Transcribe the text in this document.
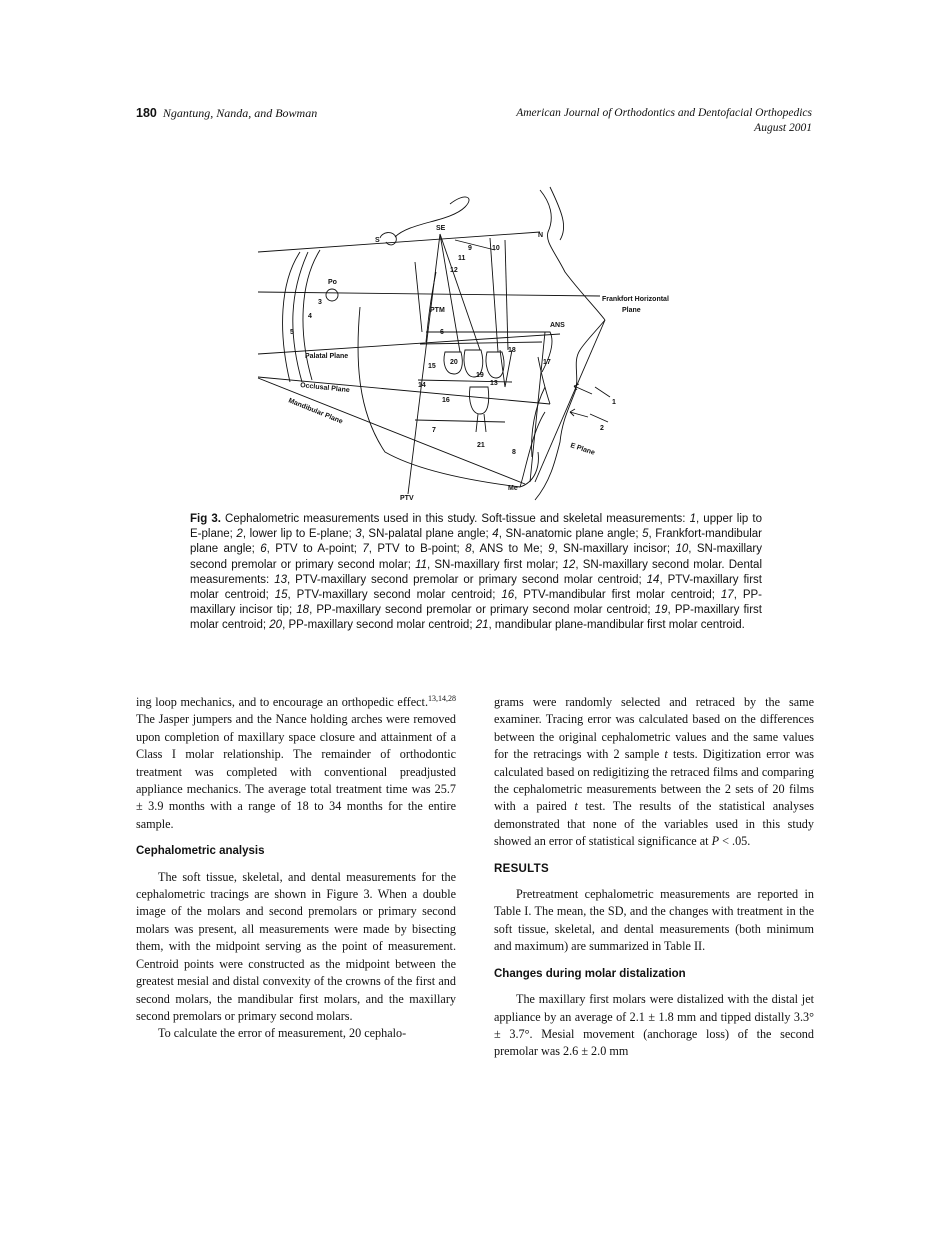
180 Ngantung, Nanda, and Bowman	American Journal of Orthodontics and Dentofacial Orthopedics
August 2001
S
SE
N
Po
PTM
ANS
Frankfort Horizontal
Plane
Palatal Plane
Occlusal Plane
Mandibular Plane
E Plane
PTV
Me
1
2
3
4
5	6
7
8
9	10
11
12
13
14
15
16
17
18
19
20
21
Fig 3. Cephalometric measurements used in this study. Soft-tissue and skeletal measurements: 1, upper lip to E-plane; 2, lower lip to E-plane; 3, SN-palatal plane angle; 4, SN-anatomic plane angle; 5, Frankfort-mandibular plane angle; 6, PTV to A-point; 7, PTV to B-point; 8, ANS to Me; 9, SN-maxillary incisor; 10, SN-maxillary second premolar or primary second molar; 11, SN-maxillary first molar; 12, SN-maxillary second molar. Dental measurements: 13, PTV-maxillary second premolar or primary second molar centroid; 14, PTV-maxillary first molar centroid; 15, PTV-maxillary second molar centroid; 16, PTV-mandibular first molar centroid; 17, PP-maxillary incisor tip; 18, PP-maxillary second premolar or primary second molar centroid; 19, PP-maxillary first molar centroid; 20, PP-maxillary second molar centroid; 21, mandibular plane-mandibular first molar centroid.

ing loop mechanics, and to encourage an orthopedic effect.$^{13,14,28}$ The Jasper jumpers and the Nance holding arches were removed upon completion of maxillary space closure and attainment of a Class I molar relationship. The remainder of orthodontic treatment was completed with conventional preadjusted appliance mechanics. The average total treatment time was 25.7 ± 3.9 months with a range of 18 to 34 months for the entire sample.

Cephalometric analysis

The soft tissue, skeletal, and dental measurements for the cephalometric tracings are shown in Figure 3. When a double image of the molars and second premolars or primary second molars was present, all measurements were made by bisecting them, with the midpoint serving as the point of measurement. Centroid points were constructed as the midpoint between the greatest mesial and distal convexity of the crowns of the first and second molars, the mandibular first molars, and the maxillary second premolars or primary second molars.

To calculate the error of measurement, 20 cephalo-

grams were randomly selected and retraced by the same examiner. Tracing error was calculated based on the differences between the original cephalometric values and the same values for the retracings with 2 sample t tests. Digitization error was calculated based on redigitizing the retraced films and comparing the cephalometric measurements between the 2 sets of 20 films with a paired t test. The results of the statistical analyses demonstrated that none of the variables used in this study showed an error of statistical significance at P < .05.

RESULTS

Pretreatment cephalometric measurements are reported in Table I. The mean, the SD, and the changes with treatment in the soft tissue, skeletal, and dental measurements (both minimum and maximum) are summarized in Table II.

Changes during molar distalization

The maxillary first molars were distalized with the distal jet appliance by an average of 2.1 ± 1.8 mm and tipped distally 3.3° ± 3.7°. Mesial movement (anchorage loss) of the second premolar was 2.6 ± 2.0 mm
